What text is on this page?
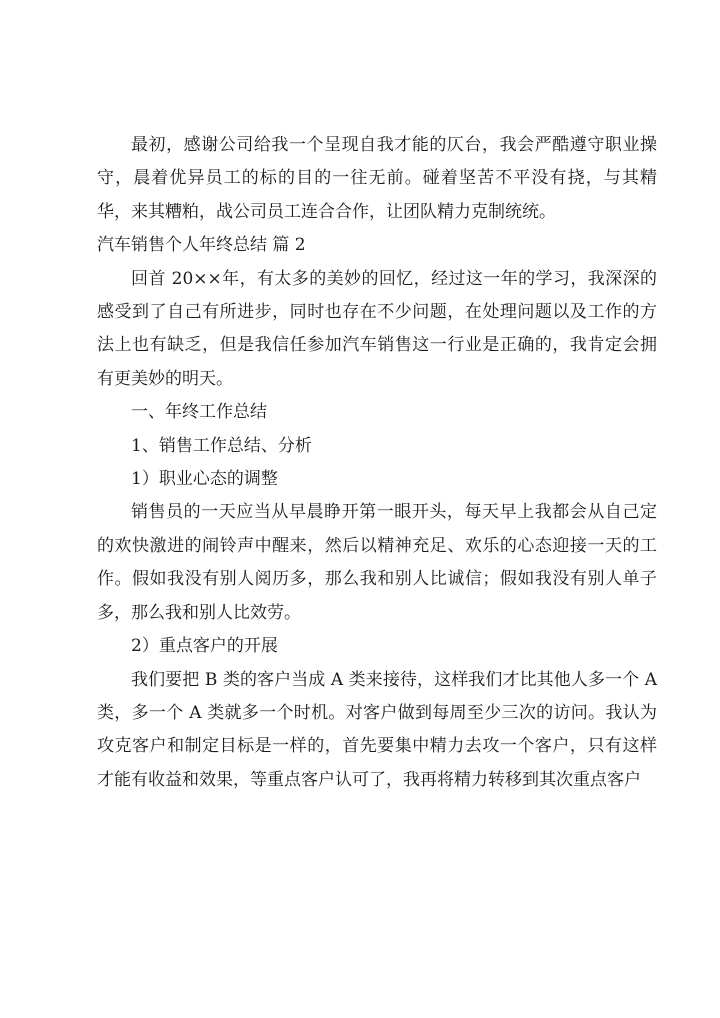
最初，感谢公司给我一个呈现自我才能的仄台，我会严酷遵守职业操守，晨着优异员工的标的目的一往无前。碰着坚苦不平没有挠，与其精华，来其糟粕，战公司员工连合合作，让团队精力克制统统。

汽车销售个人年终总结 篇 2

回首 20××年，有太多的美妙的回忆，经过这一年的学习，我深深的感受到了自己有所进步，同时也存在不少问题，在处理问题以及工作的方法上也有缺乏，但是我信任参加汽车销售这一行业是正确的，我肯定会拥有更美妙的明天。

一、年终工作总结

1、销售工作总结、分析

1）职业心态的调整

销售员的一天应当从早晨睁开第一眼开头，每天早上我都会从自己定的欢快激进的闹铃声中醒来，然后以精神充足、欢乐的心态迎接一天的工作。假如我没有别人阅历多，那么我和别人比诚信；假如我没有别人单子多，那么我和别人比效劳。

2）重点客户的开展

我们要把 B 类的客户当成 A 类来接待，这样我们才比其他人多一个 A类，多一个 A 类就多一个时机。对客户做到每周至少三次的访问。我认为攻克客户和制定目标是一样的，首先要集中精力去攻一个客户，只有这样才能有收益和效果，等重点客户认可了，我再将精力转移到其次重点客户
